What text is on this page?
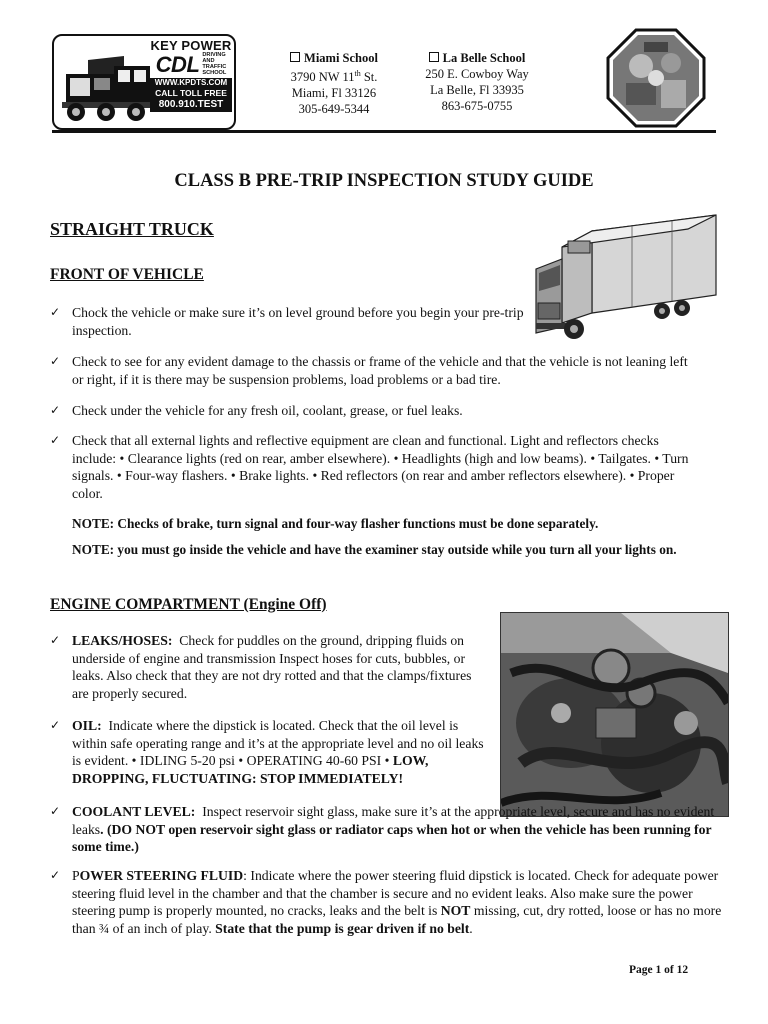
KEY POWER
CDL DRIVING
AND
TRAFFIC
SCHOOL
WWW.KPDTS.COM
CALL TOLL FREE
800.910.TEST
Miami School
3790 NW 11th St.
Miami, Fl 33126
305-649-5344
La Belle School
250 E. Cowboy Way
La Belle, Fl 33935
863-675-0755
CLASS B PRE-TRIP INSPECTION STUDY GUIDE
STRAIGHT TRUCK
FRONT OF VEHICLE
✓ Chock the vehicle or make sure it’s on level ground before you begin your pre-trip inspection.
✓ Check to see for any evident damage to the chassis or frame of the vehicle and that the vehicle is not leaning left or right, if it is there may be suspension problems, load problems or a bad tire.
✓ Check under the vehicle for any fresh oil, coolant, grease, or fuel leaks.
✓ Check that all external lights and reflective equipment are clean and functional. Light and reflectors checks include: • Clearance lights (red on rear, amber elsewhere). • Headlights (high and low beams). • Tailgates. • Turn signals. • Four-way flashers. • Brake lights. • Red reflectors (on rear and amber reflectors elsewhere). • Proper color.
NOTE: Checks of brake, turn signal and four-way flasher functions must be done separately.
NOTE: you must go inside the vehicle and have the examiner stay outside while you turn all your lights on.
ENGINE COMPARTMENT (Engine Off)
✓ LEAKS/HOSES: Check for puddles on the ground, dripping fluids on underside of engine and transmission Inspect hoses for cuts, bubbles, or leaks. Also check that they are not dry rotted and that the clamps/fixtures are properly secured.
✓ OIL: Indicate where the dipstick is located. Check that the oil level is within safe operating range and it’s at the appropriate level and no oil leaks is evident. • IDLING 5-20 psi • OPERATING 40-60 PSI • LOW, DROPPING, FLUCTUATING: STOP IMMEDIATELY!
✓ COOLANT LEVEL: Inspect reservoir sight glass, make sure it’s at the appropriate level, secure and has no evident leaks. (DO NOT open reservoir sight glass or radiator caps when hot or when the vehicle has been running for some time.)
✓ POWER STEERING FLUID: Indicate where the power steering fluid dipstick is located. Check for adequate power steering fluid level in the chamber and that the chamber is secure and no evident leaks. Also make sure the power steering pump is properly mounted, no cracks, leaks and the belt is NOT missing, cut, dry rotted, loose or has no more than ¾ of an inch of play. State that the pump is gear driven if no belt.
Page 1 of 12
